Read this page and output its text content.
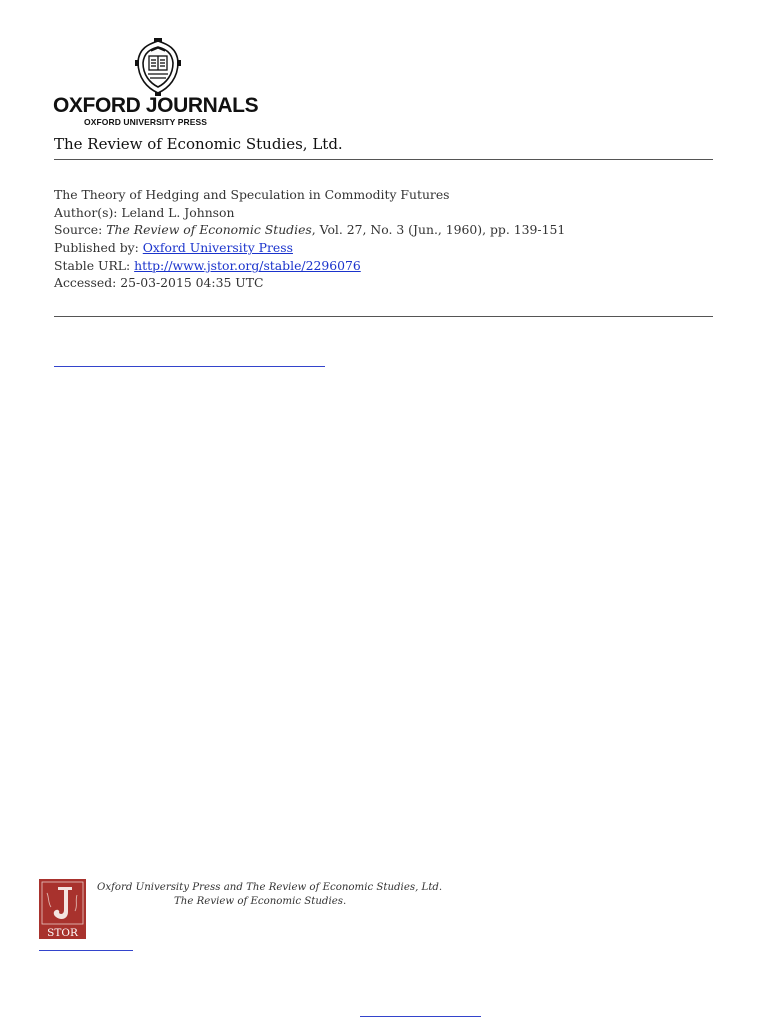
OXFORD JOURNALS
OXFORD UNIVERSITY PRESS
The Review of Economic Studies, Ltd.
The Theory of Hedging and Speculation in Commodity Futures
Author(s): Leland L. Johnson
Source: The Review of Economic Studies, Vol. 27, No. 3 (Jun., 1960), pp. 139-151
Published by: Oxford University Press
Stable URL: http://www.jstor.org/stable/2296076
Accessed: 25-03-2015 04:35 UTC
STOR
Oxford University Press and The Review of Economic Studies, Ltd.
The Review of Economic Studies.
